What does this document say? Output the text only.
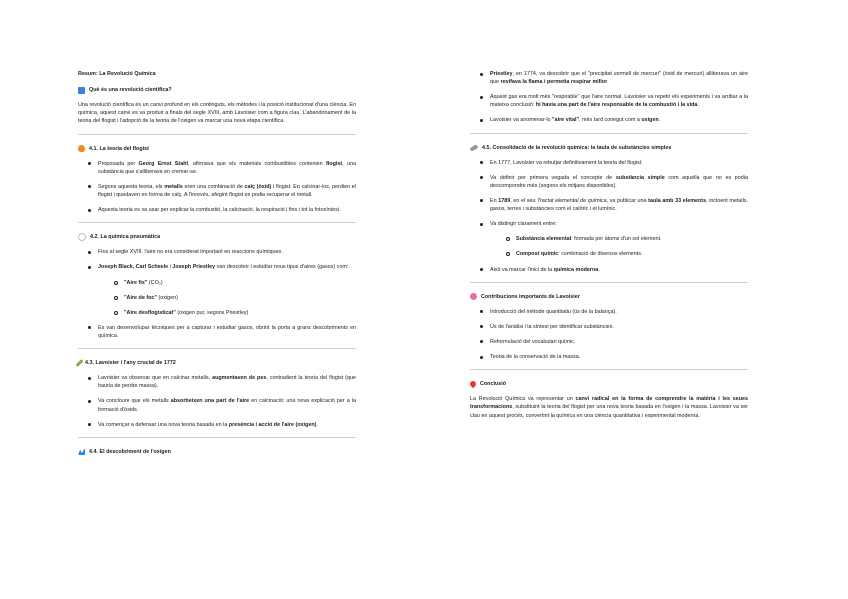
Resum: La Revolució Química
Què és una revolució científica?

Una revolució científica és un canvi profund en els continguts, els mètodes i la posició institucional d'una ciència. En química, aquest canvi es va produir a finals del segle XVIII, amb Lavoisier com a figura clau. L'abandonament de la teoria del flogist i l'adopció de la teoria de l'oxigen va marcar una nova etapa científica.

4.1. La teoria del flogist
Proposada per Georg Ernst Stahl, afirmava que els materials combustibles contenien flogist, una substància que s'alliberava en cremar-se.
Segons aquesta teoria, els metalls eren una combinació de calç (òxid) i flogist. En calcinar-los, perdien el flogist i quedaven en forma de calç. A l'inrevés, afegint flogist es podia recuperar el metall.
Aquesta teoria es va usar per explicar la combustió, la calcinació, la respiració i fins i tot la fotosíntesi.
4.2. La química pneumàtica
Fins al segle XVIII, l'aire no era considerat important en reaccions químiques.
Joseph Black, Carl Scheele i Joseph Priestley van descobrir i estudiar nous tipus d'aires (gasos) com:
"Aire fix" (CO₂)
"Aire de foc" (oxigen)
"Aire desflogisticat" (oxigen pur, segons Priestley)
Es van desenvolupar tècniques per a capturar i estudiar gasos, obrint la porta a grans descobriments en química.
4.3. Lavoisier i l'any crucial de 1772
Lavoisier va observar que en calcinar metalls, augmentaven de pes, contradient la teoria del flogist (que hauria de perdre massa).
Va concloure que els metalls absorbeixen una part de l'aire en calcinació: una nova explicació per a la formació d'òxids.
Va començar a defensar una nova teoria basada en la presència i acció de l'aire (oxigen).
4.4. El descobriment de l'oxigen
Priestley, en 1774, va descobrir que el "precipitat vermell de mercuri" (òxid de mercuri) alliberava un aire que revifava la flama i permetia respirar millor.
Aquest gas era molt més "respirable" que l'aire normal. Lavoisier va repetir els experiments i va arribar a la mateixa conclusió: hi havia una part de l'aire responsable de la combustió i la vida.
Lavoisier va anomenar-lo "aire vital", més tard conegut com a oxigen.
4.5. Consolidació de la revolució química: la taula de substàncies simples
En 1777, Lavoisier va rebutjar definitivament la teoria del flogist.
Va definir per primera vegada el concepte de substància simple com aquella que no es podia descompondre més (segons els mitjans disponibles).
En 1789, en el seu Tractat elemental de química, va publicar una taula amb 33 elements, incloent metalls, gasos, terres i substàncies com el calòric i el lumínic.
Va distingir clarament entre:
Substància elemental: formada per àtoms d'un sol element.
Compost químic: combinació de diversos elements.
Això va marcar l'inici de la química moderna.
Contribucions importants de Lavoisier
Introducció del mètode quantitatiu (ús de la balança).
Ús de l'anàlisi i la síntesi per identificar substàncies.
Reformulació del vocabulari químic.
Teoria de la conservació de la massa.
Conclusió

La Revolució Química va representar un canvi radical en la forma de comprendre la matèria i les seues transformacions, substituint la teoria del flogist per una nova teoria basada en l'oxigen i la massa. Lavoisier va ser clau en aquest procés, convertint la química en una ciència quantitativa i experimental moderna.
